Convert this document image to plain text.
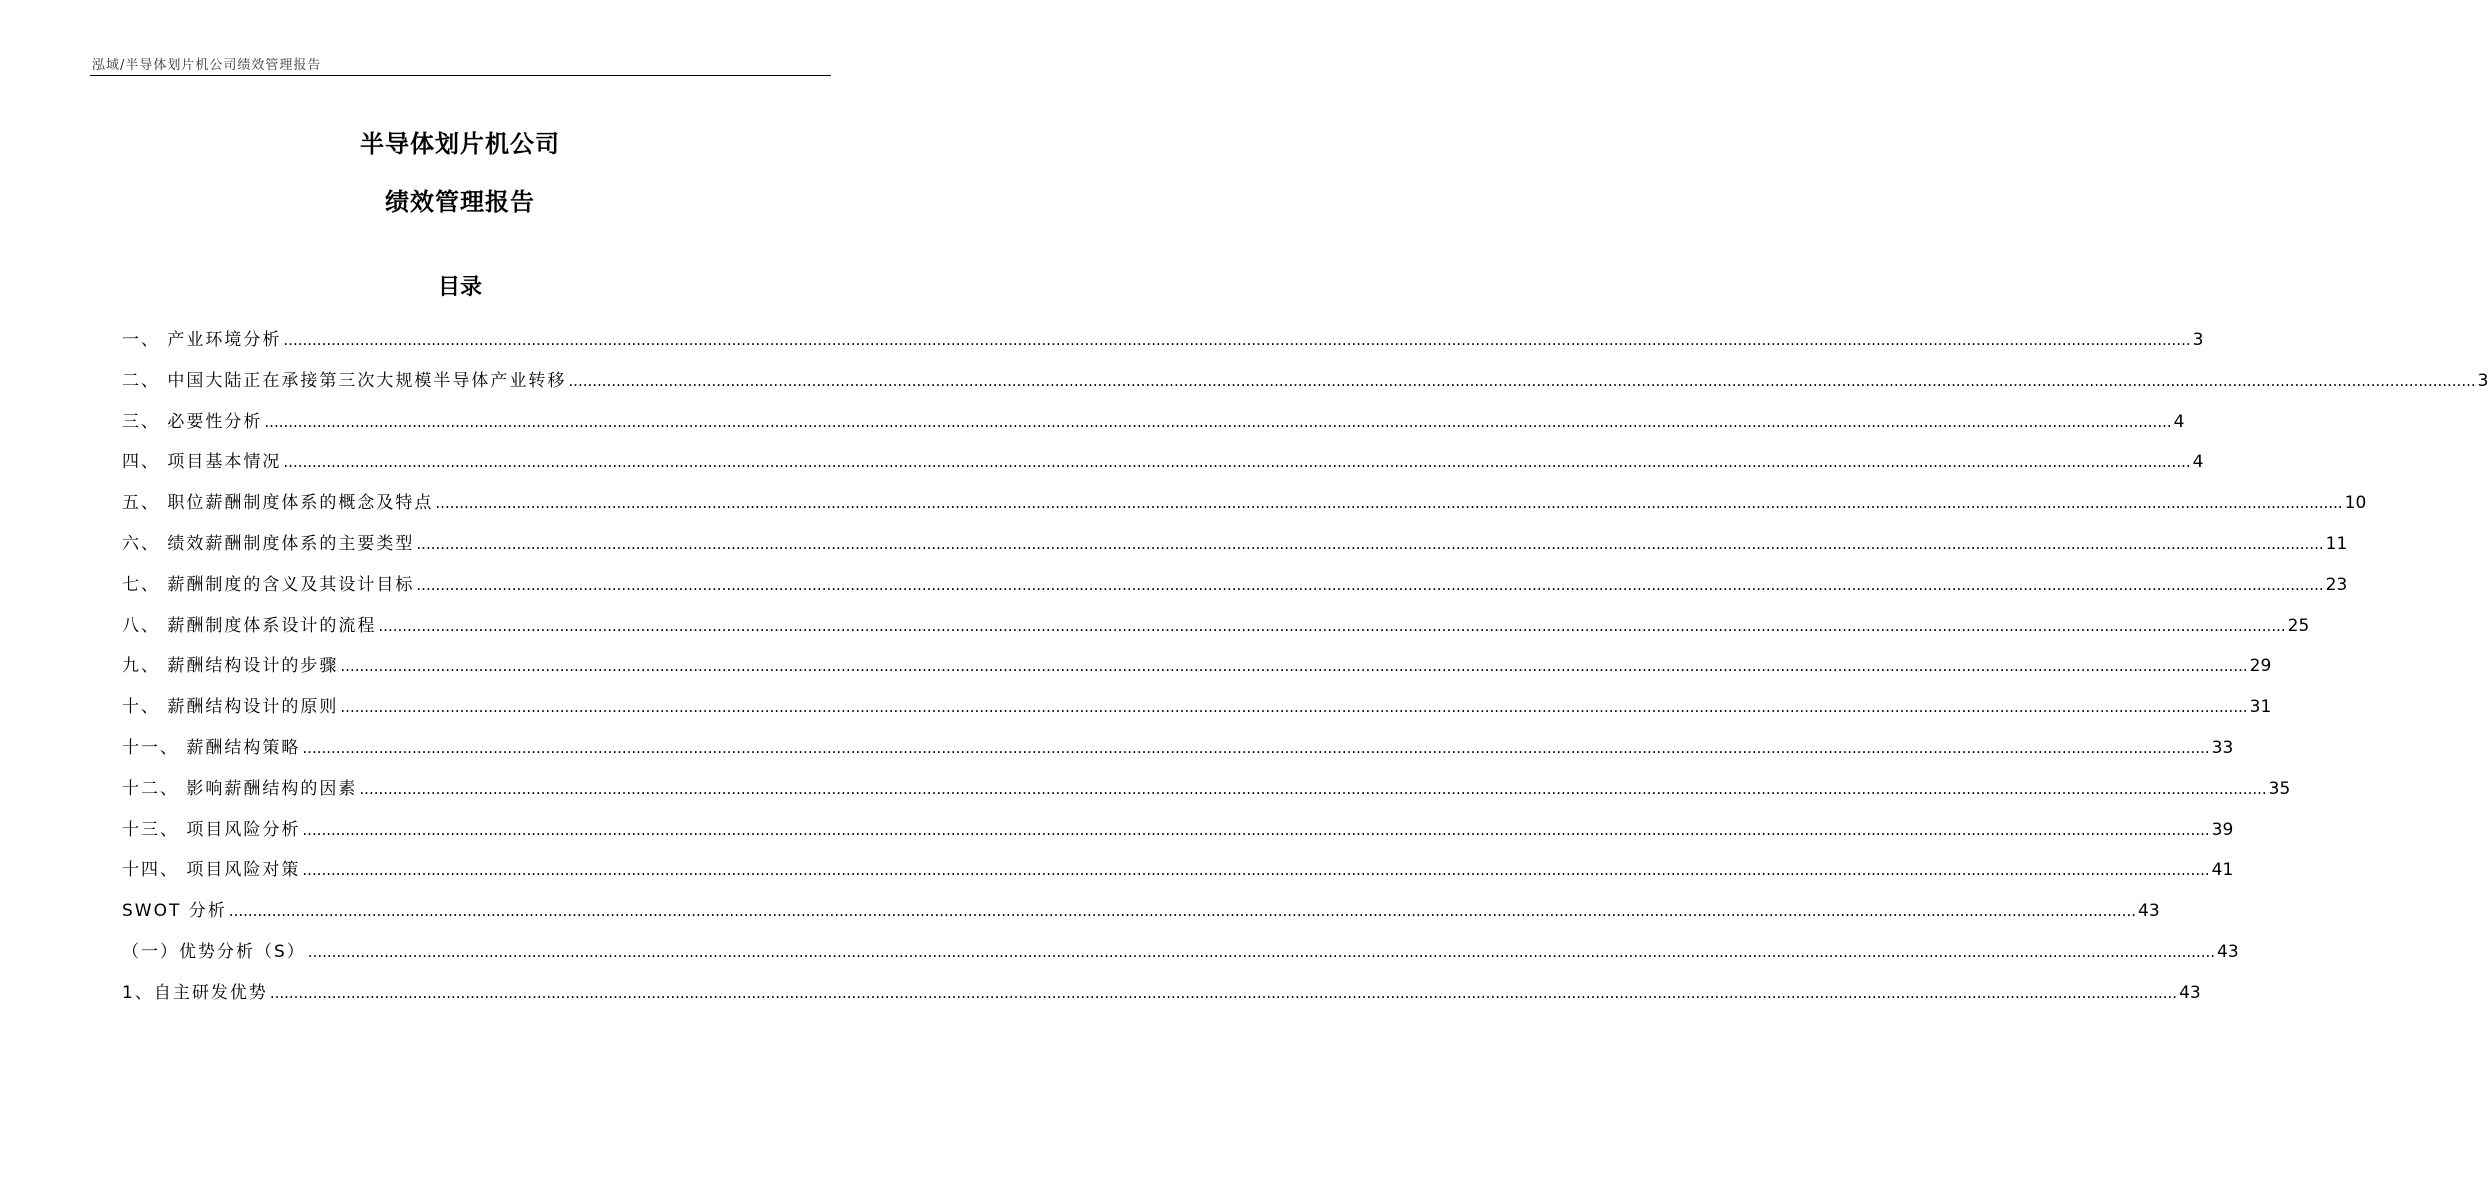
泓域/半导体划片机公司绩效管理报告
半导体划片机公司
绩效管理报告
目录
一、 产业环境分析 ................................................................................................................................................................................................................................................................................................................................................................................................................ 3
二、 中国大陆正在承接第三次大规模半导体产业转移 ................................................................................................................................................................................................................................................................................................................................................................................................................ 3
三、 必要性分析 ................................................................................................................................................................................................................................................................................................................................................................................................................ 4
四、 项目基本情况 ................................................................................................................................................................................................................................................................................................................................................................................................................ 4
五、 职位薪酬制度体系的概念及特点 ................................................................................................................................................................................................................................................................................................................................................................................................................ 10
六、 绩效薪酬制度体系的主要类型 ................................................................................................................................................................................................................................................................................................................................................................................................................ 11
七、 薪酬制度的含义及其设计目标 ................................................................................................................................................................................................................................................................................................................................................................................................................ 23
八、 薪酬制度体系设计的流程 ................................................................................................................................................................................................................................................................................................................................................................................................................ 25
九、 薪酬结构设计的步骤 ................................................................................................................................................................................................................................................................................................................................................................................................................ 29
十、 薪酬结构设计的原则 ................................................................................................................................................................................................................................................................................................................................................................................................................ 31
十一、 薪酬结构策略 ................................................................................................................................................................................................................................................................................................................................................................................................................ 33
十二、 影响薪酬结构的因素 ................................................................................................................................................................................................................................................................................................................................................................................................................ 35
十三、 项目风险分析 ................................................................................................................................................................................................................................................................................................................................................................................................................ 39
十四、 项目风险对策 ................................................................................................................................................................................................................................................................................................................................................................................................................ 41
SWOT 分析 ................................................................................................................................................................................................................................................................................................................................................................................................................ 43
（一）优势分析（S） ................................................................................................................................................................................................................................................................................................................................................................................................................ 43
1、自主研发优势 ................................................................................................................................................................................................................................................................................................................................................................................................................ 43
